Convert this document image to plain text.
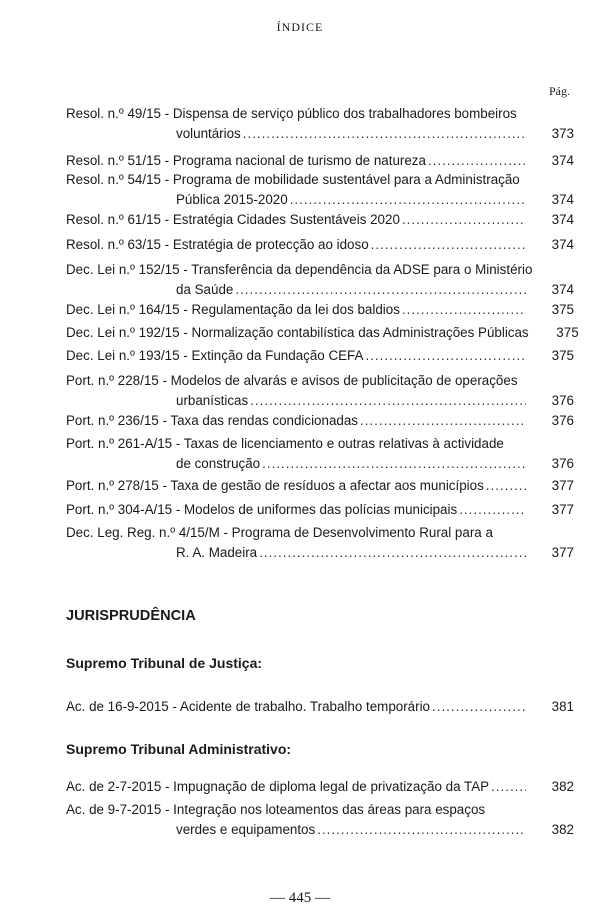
ÍNDICE
Pág.
Resol. n.º 49/15 - Dispensa de serviço público dos trabalhadores bombeiros
voluntários .....	373
Resol. n.º 51/15 - Programa nacional de turismo de natureza .....	374
Resol. n.º 54/15 - Programa de mobilidade sustentável para a Administração
Pública 2015-2020 .....	374
Resol. n.º 61/15 - Estratégia Cidades Sustentáveis 2020 .....	374
Resol. n.º 63/15 - Estratégia de protecção ao idoso .....	374
Dec. Lei n.º 152/15 - Transferência da dependência da ADSE para o Ministério
da Saúde .....	374
Dec. Lei n.º 164/15 - Regulamentação da lei dos baldios .....	375
Dec. Lei n.º 192/15 - Normalização contabilística das Administrações Públicas	375
Dec. Lei n.º 193/15 - Extinção da Fundação CEFA .....	375
Port. n.º 228/15 - Modelos de alvarás e avisos de publicitação de operações
urbanísticas .....	376
Port. n.º 236/15 - Taxa das rendas condicionadas .....	376
Port. n.º 261-A/15 - Taxas de licenciamento e outras relativas à actividade
de construção .....	376
Port. n.º 278/15 - Taxa de gestão de resíduos a afectar aos municípios .....	377
Port. n.º 304-A/15 - Modelos de uniformes das polícias municipais .....	377
Dec. Leg. Reg. n.º 4/15/M - Programa de Desenvolvimento Rural para a
R. A. Madeira .....	377
JURISPRUDÊNCIA
Supremo Tribunal de Justiça:
Ac. de 16-9-2015 - Acidente de trabalho. Trabalho temporário .....	381
Supremo Tribunal Administrativo:
Ac. de 2-7-2015 - Impugnação de diploma legal de privatização da TAP .....	382
Ac. de 9-7-2015 - Integração nos loteamentos das áreas para espaços
verdes e equipamentos .....	382
— 445 —
